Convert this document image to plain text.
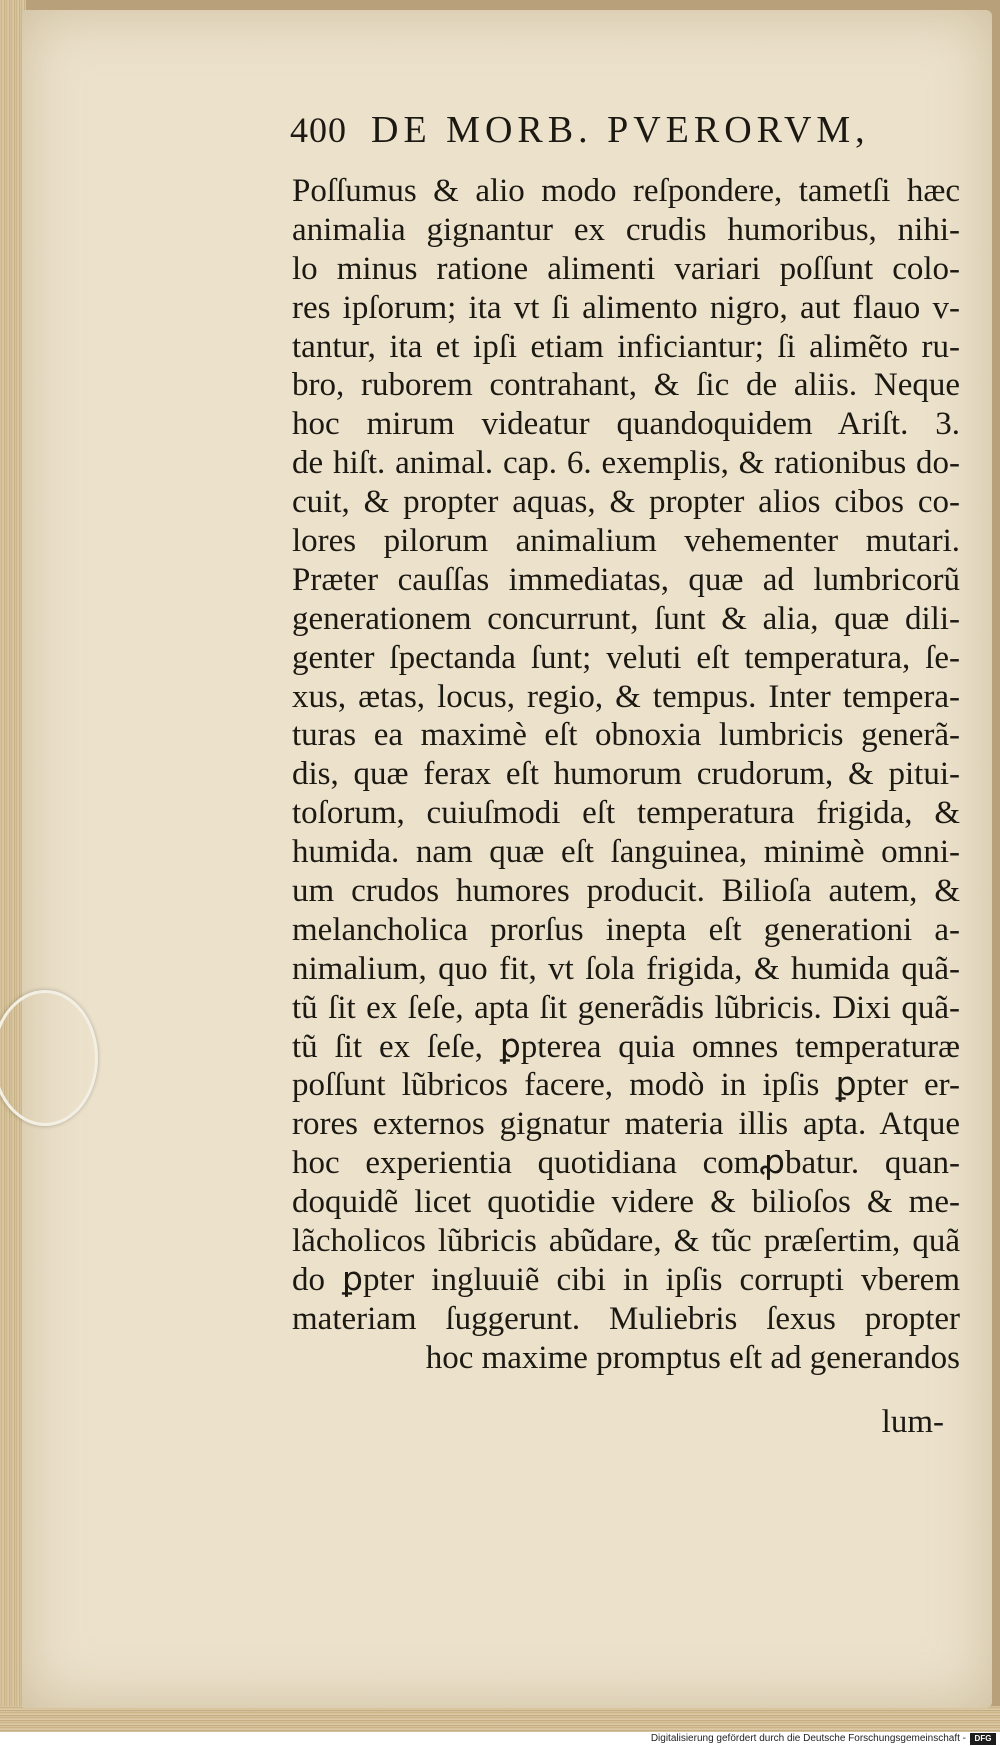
400 DE MORB. PVERORVM,
Poſſumus & alio modo reſpondere, tametſi hæc
animalia gignantur ex crudis humoribus, nihi-
lo minus ratione alimenti variari poſſunt colo-
res ipſorum; ita vt ſi alimento nigro, aut flauo v-
tantur, ita et ipſi etiam inficiantur; ſi alimẽto ru-
bro, ruborem contrahant, & ſic de aliis. Neque
hoc mirum videatur quandoquidem Ariſt. 3.
de hiſt. animal. cap. 6. exemplis, & rationibus do-
cuit, & propter aquas, & propter alios cibos co-
lores pilorum animalium vehementer mutari.
Præter cauſſas immediatas, quæ ad lumbricorũ
generationem concurrunt, ſunt & alia, quæ dili-
genter ſpectanda ſunt; veluti eſt temperatura, ſe-
xus, ætas, locus, regio, & tempus. Inter tempera-
turas ea maximè eſt obnoxia lumbricis generã-
dis, quæ ferax eſt humorum crudorum, & pitui-
toſorum, cuiuſmodi eſt temperatura frigida, &
humida. nam quæ eſt ſanguinea, minimè omni-
um crudos humores producit. Bilioſa autem, &
melancholica prorſus inepta eſt generationi a-
nimalium, quo fit, vt ſola frigida, & humida quã-
tũ ſit ex ſeſe, apta ſit generãdis lũbricis. Dixi quã-
tũ ſit ex ſeſe, ꝑpterea quia omnes temperaturæ
poſſunt lũbricos facere, modò in ipſis ꝑpter er-
rores externos gignatur materia illis apta. Atque
hoc experientia quotidiana comꝓbatur. quan-
doquidẽ licet quotidie videre & bilioſos & me-
lãcholicos lũbricis abũdare, & tũc præſertim, quã
do ꝑpter ingluuiẽ cibi in ipſis corrupti vberem
materiam ſuggerunt. Muliebris ſexus propter
hoc maxime promptus eſt ad generandos
lum-
Digitalisierung gefördert durch die Deutsche Forschungsgemeinschaft -	DFG
